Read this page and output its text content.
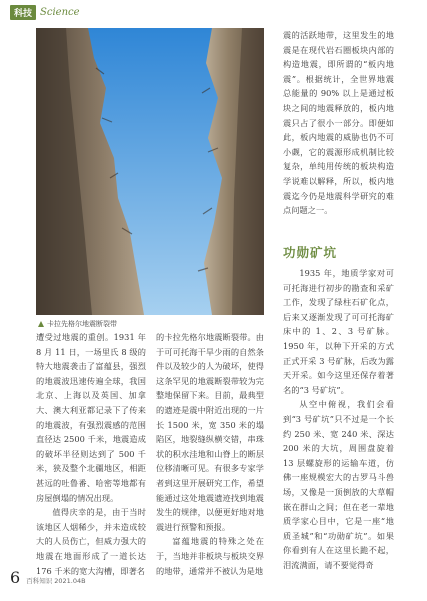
科技 Science
卡拉先格尔地震断裂带

遭受过地震的重创。1931 年 8 月 11 日，一场里氏 8 级的特大地震袭击了富蕴县，强烈的地震波迅速传遍全球，我国北京、上海以及英国、加拿大、澳大利亚都记录下了传来的地震波，有强烈震感的范围直径达 2500 千米，地震造成的破坏半径则达到了 500 千米，狭及整个北疆地区，相距甚远的吐鲁番、哈密等地都有房屋倒塌的情况出现。

值得庆幸的是，由于当时该地区人烟稀少，并未造成较大的人员伤亡，但威力强大的地震在地面形成了一道长达 176 千米的宽大沟槽，即著名

的卡拉先格尔地震断裂带。由于可可托海干旱少雨的自然条件以及较少的人为破坏，使得这条罕见的地震断裂带较为完整地保留下来。目前，最典型的遗迹是震中附近出现的一片长 1500 米，宽 350 米的塌陷区，地裂缝纵横交错，串珠状的积水洼地和山脊上的断层位移清晰可见。有很多专家学者到这里开展研究工作，希望能通过这处地震遗迹找到地震发生的规律，以便更好地对地震进行预警和预报。

富蕴地震的特殊之处在于，当地并非板块与板块交界的地带，通常并不被认为是地

震的活跃地带，这里发生的地震是在现代岩石圈板块内部的构造地震，即所谓的“板内地震”。根据统计，全世界地震总能量的 90% 以上是通过板块之间的地震释放的，板内地震只占了很小一部分。即便如此，板内地震的威胁也仍不可小觑，它的震源形成机制比较复杂，单纯用传统的板块构造学说难以解释，所以，板内地震迄今仍是地震科学研究的难点问题之一。

功勋矿坑

1935 年，地质学家对可可托海进行初步的勘查和采矿工作，发现了绿柱石矿化点，后来又逐渐发现了可可托海矿床中的 1、2、3 号矿脉。1950 年，以种下开采的方式正式开采 3 号矿脉，后改为露天开采。如今这里还保存着著名的“3 号矿坑”。

从空中俯视，我们会看到“3 号矿坑”只不过是一个长约 250 米、宽 240 米、深达 200 米的大坑，周围盘旋着 13 层螺旋形的运输车道，仿佛一座规模宏大的古罗马斗兽场，又像是一顶倒放的大草帽嵌在群山之间；但在老一辈地质学家心目中，它是一座“地质圣城”和“功勋矿坑”。如果你看到有人在这里长跪不起，泪流满面，请不要觉得奇

6 百科知识 2021.04B
